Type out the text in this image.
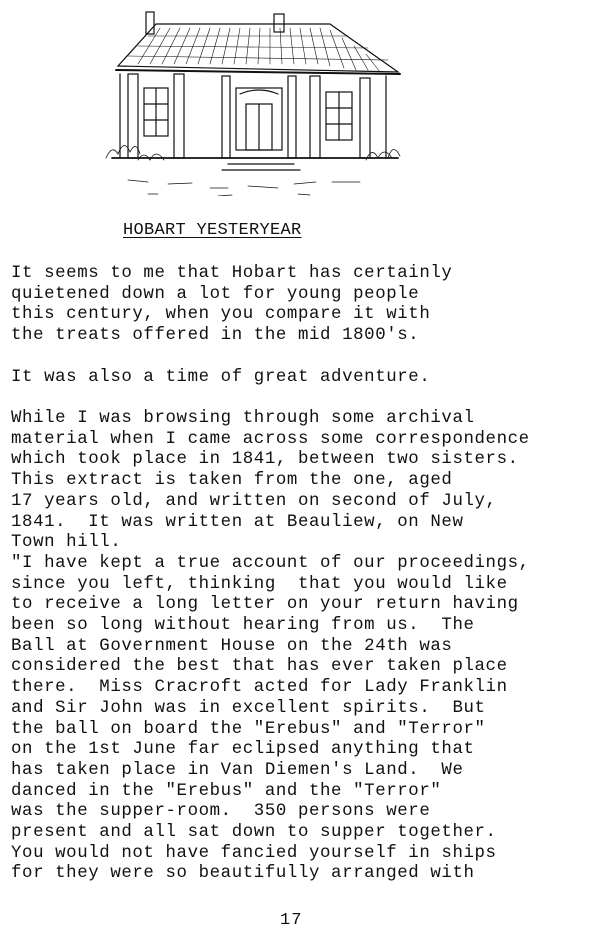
HOBART YESTERYEAR

It seems to me that Hobart has certainly
quietened down a lot for young people
this century, when you compare it with
the treats offered in the mid 1800's.

It was also a time of great adventure.

While I was browsing through some archival
material when I came across some correspondence
which took place in 1841, between two sisters.
This extract is taken from the one, aged
17 years old, and written on second of July,
1841.  It was written at Beauliew, on New
Town hill.
"I have kept a true account of our proceedings,
since you left, thinking  that you would like
to receive a long letter on your return having
been so long without hearing from us.  The
Ball at Government House on the 24th was
considered the best that has ever taken place
there.  Miss Cracroft acted for Lady Franklin
and Sir John was in excellent spirits.  But
the ball on board the "Erebus" and "Terror"
on the 1st June far eclipsed anything that
has taken place in Van Diemen's Land.  We
danced in the "Erebus" and the "Terror"
was the supper-room.  350 persons were
present and all sat down to supper together.
You would not have fancied yourself in ships
for they were so beautifully arranged with

17
